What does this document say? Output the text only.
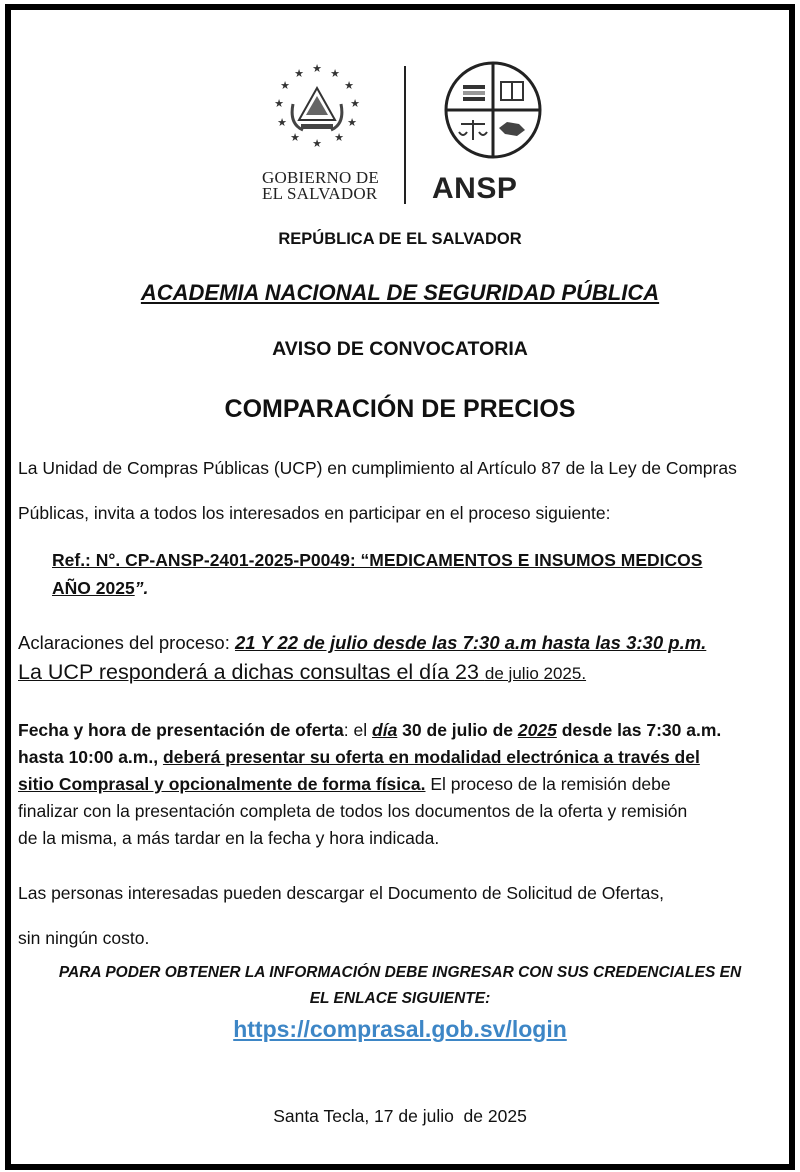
★ ★
★
★
★
★
★
★
★
★
★
★
GOBIERNO DE
EL SALVADOR ANSP
REPÚBLICA DE EL SALVADOR
ACADEMIA NACIONAL DE SEGURIDAD PÚBLICA
AVISO DE CONVOCATORIA
COMPARACIÓN DE PRECIOS
La Unidad de Compras Públicas (UCP) en cumplimiento al Artículo 87 de la Ley de Compras
Públicas, invita a todos los interesados en participar en el proceso siguiente:
Ref.: N°. CP-ANSP-2401-2025-P0049: “MEDICAMENTOS E INSUMOS MEDICOS
AÑO 2025”.
Aclaraciones del proceso: 21 Y 22 de julio desde las 7:30 a.m hasta las 3:30 p.m.
La UCP responderá a dichas consultas el día 23 de julio 2025.
Fecha y hora de presentación de oferta: el día 30 de julio de 2025 desde las 7:30 a.m.
hasta 10:00 a.m., deberá presentar su oferta en modalidad electrónica a través del
sitio Comprasal y opcionalmente de forma física. El proceso de la remisión debe
finalizar con la presentación completa de todos los documentos de la oferta y remisión
de la misma, a más tardar en la fecha y hora indicada.
Las personas interesadas pueden descargar el Documento de Solicitud de Ofertas,
sin ningún costo.
PARA PODER OBTENER LA INFORMACIÓN DEBE INGRESAR CON SUS CREDENCIALES EN
EL ENLACE SIGUIENTE:
https://comprasal.gob.sv/login
Santa Tecla, 17 de julio  de 2025
